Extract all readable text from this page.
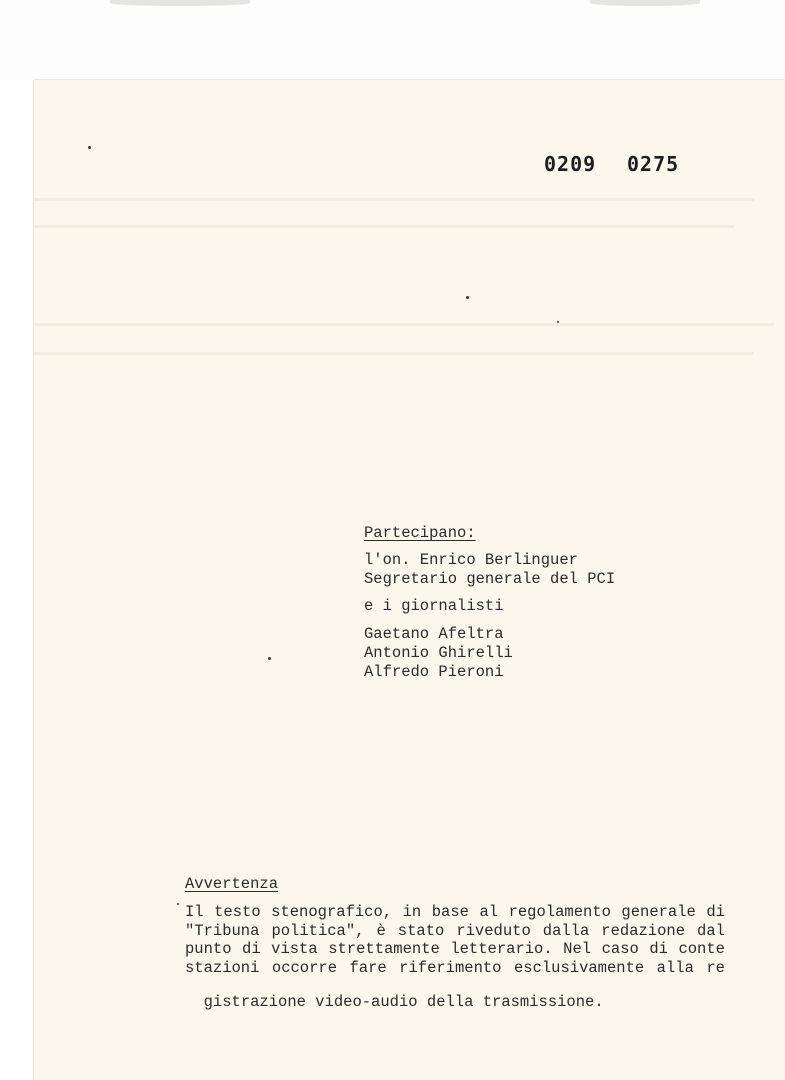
0209 0275
Partecipano:
l'on. Enrico Berlinguer
Segretario generale del PCI
e i giornalisti
Gaetano Afeltra
Antonio Ghirelli
Alfredo Pieroni
Avvertenza
Il testo stenografico, in base al regolamento generale di
"Tribuna politica", è stato riveduto dalla redazione dal
punto di vista strettamente letterario. Nel caso di conte
stazioni occorre fare riferimento esclusivamente alla re

gistrazione video-audio della trasmissione.
